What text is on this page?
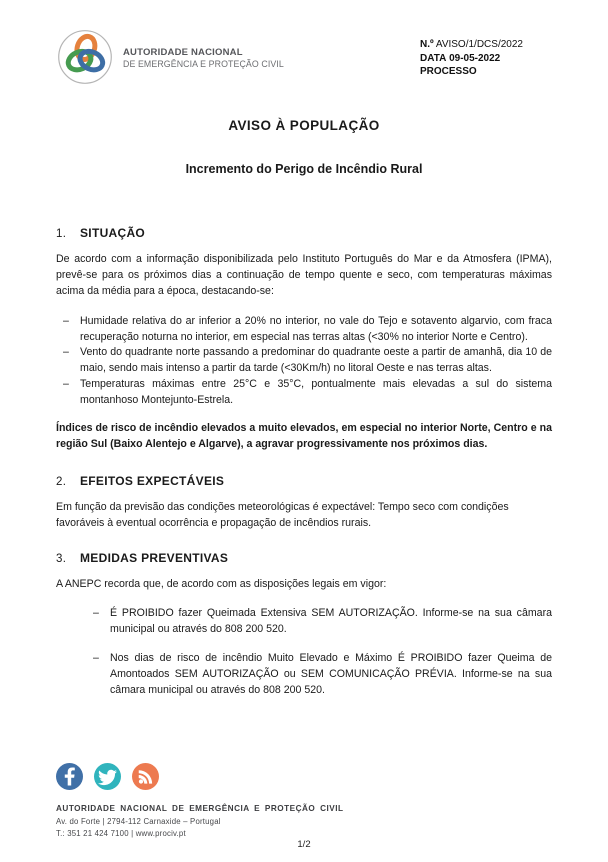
AUTORIDADE NACIONAL
DE EMERGÊNCIA E PROTEÇÃO CIVIL
N.º AVISO/1/DCS/2022
DATA 09-05-2022
PROCESSO
AVISO À POPULAÇÃO
Incremento do Perigo de Incêndio Rural
1. SITUAÇÃO

De acordo com a informação disponibilizada pelo Instituto Português do Mar e da Atmosfera (IPMA), prevê-se para os próximos dias a continuação de tempo quente e seco, com temperaturas máximas acima da média para a época, destacando-se:

–	Humidade relativa do ar inferior a 20% no interior, no vale do Tejo e sotavento algarvio, com fraca recuperação noturna no interior, em especial nas terras altas (<30% no interior Norte e Centro).
–	Vento do quadrante norte passando a predominar do quadrante oeste a partir de amanhã, dia 10 de maio, sendo mais intenso a partir da tarde (<30Km/h) no litoral Oeste e nas terras altas.
–	Temperaturas máximas entre 25°C e 35°C, pontualmente mais elevadas a sul do sistema montanhoso Montejunto-Estrela.

Índices de risco de incêndio elevados a muito elevados, em especial no interior Norte, Centro e na região Sul (Baixo Alentejo e Algarve), a agravar progressivamente nos próximos dias.

2. EFEITOS EXPECTÁVEIS

Em função da previsão das condições meteorológicas é expectável: Tempo seco com condições favoráveis à eventual ocorrência e propagação de incêndios rurais.

3. MEDIDAS PREVENTIVAS

A ANEPC recorda que, de acordo com as disposições legais em vigor:

–	É PROIBIDO fazer Queimada Extensiva SEM AUTORIZAÇÃO. Informe-se na sua câmara municipal ou através do 808 200 520.
–	Nos dias de risco de incêndio Muito Elevado e Máximo É PROIBIDO fazer Queima de Amontoados SEM AUTORIZAÇÃO ou SEM COMUNICAÇÃO PRÉVIA. Informe-se na sua câmara municipal ou através do 808 200 520.
AUTORIDADE NACIONAL DE EMERGÊNCIA E PROTEÇÃO CIVIL
Av. do Forte | 2794-112 Carnaxide – Portugal
T.: 351 21 424 7100 | www.prociv.pt
1/2
